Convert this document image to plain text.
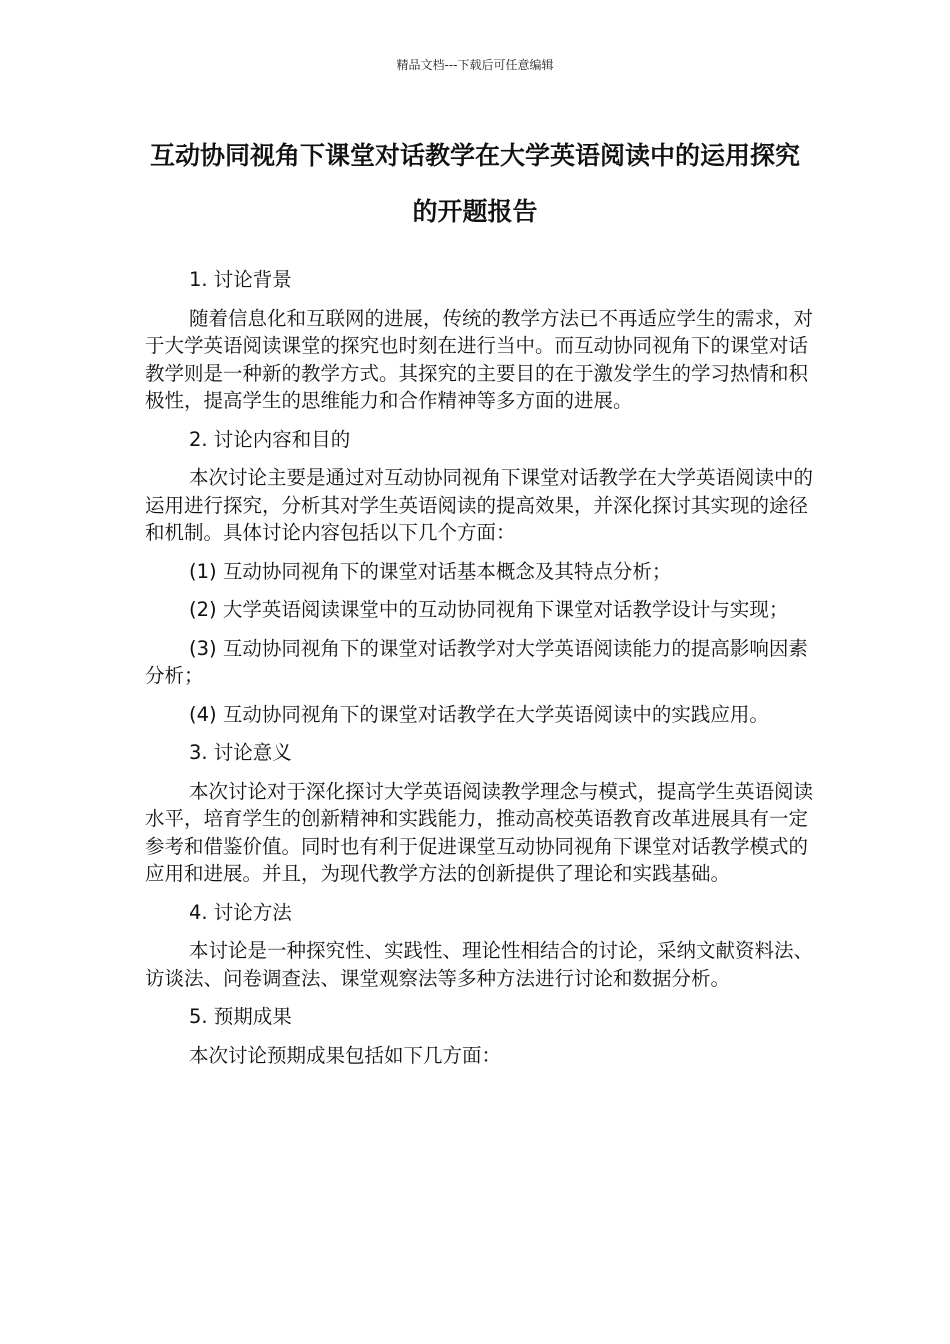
精品文档---下载后可任意编辑
互动协同视角下课堂对话教学在大学英语阅读中的运用探究的开题报告

1. 讨论背景

随着信息化和互联网的进展，传统的教学方法已不再适应学生的需求，对于大学英语阅读课堂的探究也时刻在进行当中。而互动协同视角下的课堂对话教学则是一种新的教学方式。其探究的主要目的在于激发学生的学习热情和积极性，提高学生的思维能力和合作精神等多方面的进展。

2. 讨论内容和目的

本次讨论主要是通过对互动协同视角下课堂对话教学在大学英语阅读中的运用进行探究，分析其对学生英语阅读的提高效果，并深化探讨其实现的途径和机制。具体讨论内容包括以下几个方面：

(1) 互动协同视角下的课堂对话基本概念及其特点分析；

(2) 大学英语阅读课堂中的互动协同视角下课堂对话教学设计与实现；

(3) 互动协同视角下的课堂对话教学对大学英语阅读能力的提高影响因素分析；

(4) 互动协同视角下的课堂对话教学在大学英语阅读中的实践应用。

3. 讨论意义

本次讨论对于深化探讨大学英语阅读教学理念与模式，提高学生英语阅读水平，培育学生的创新精神和实践能力，推动高校英语教育改革进展具有一定参考和借鉴价值。同时也有利于促进课堂互动协同视角下课堂对话教学模式的应用和进展。并且，为现代教学方法的创新提供了理论和实践基础。

4. 讨论方法

本讨论是一种探究性、实践性、理论性相结合的讨论，采纳文献资料法、访谈法、问卷调查法、课堂观察法等多种方法进行讨论和数据分析。

5. 预期成果

本次讨论预期成果包括如下几方面：
